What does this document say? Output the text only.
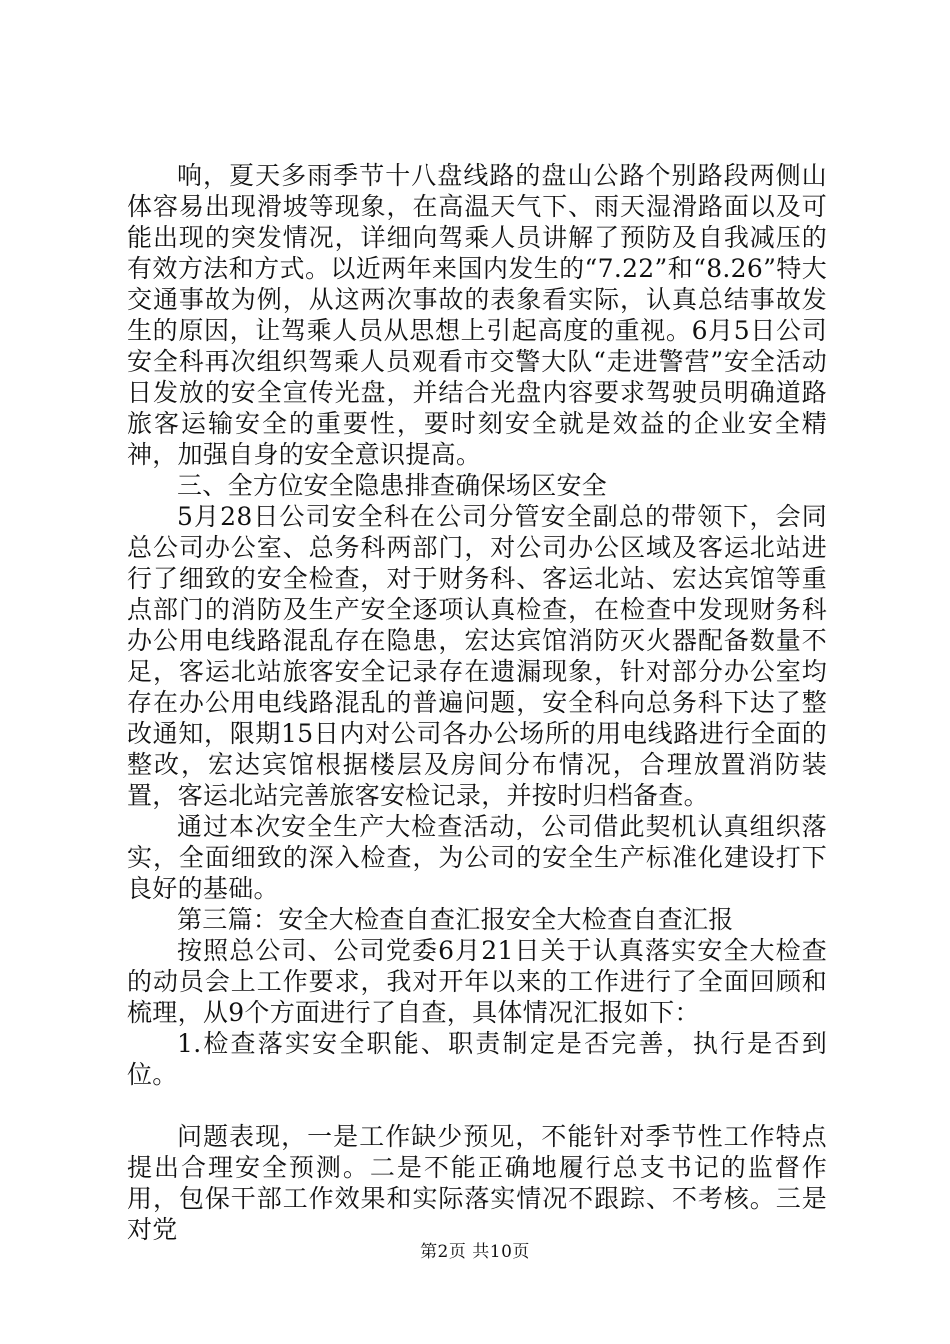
响，夏天多雨季节十八盘线路的盘山公路个别路段两侧山体容易出现滑坡等现象，在高温天气下、雨天湿滑路面以及可能出现的突发情况，详细向驾乘人员讲解了预防及自我减压的有效方法和方式。以近两年来国内发生的“7.22”和“8.26”特大交通事故为例，从这两次事故的表象看实际，认真总结事故发生的原因，让驾乘人员从思想上引起高度的重视。6月5日公司安全科再次组织驾乘人员观看市交警大队“走进警营”安全活动日发放的安全宣传光盘，并结合光盘内容要求驾驶员明确道路旅客运输安全的重要性，要时刻安全就是效益的企业安全精神，加强自身的安全意识提高。

三、全方位安全隐患排查确保场区安全

5月28日公司安全科在公司分管安全副总的带领下，会同总公司办公室、总务科两部门，对公司办公区域及客运北站进行了细致的安全检查，对于财务科、客运北站、宏达宾馆等重点部门的消防及生产安全逐项认真检查，在检查中发现财务科办公用电线路混乱存在隐患，宏达宾馆消防灭火器配备数量不足，客运北站旅客安全记录存在遗漏现象，针对部分办公室均存在办公用电线路混乱的普遍问题，安全科向总务科下达了整改通知，限期15日内对公司各办公场所的用电线路进行全面的整改，宏达宾馆根据楼层及房间分布情况，合理放置消防装置，客运北站完善旅客安检记录，并按时归档备查。

通过本次安全生产大检查活动，公司借此契机认真组织落实，全面细致的深入检查，为公司的安全生产标准化建设打下良好的基础。

第三篇：安全大检查自查汇报安全大检查自查汇报

按照总公司、公司党委6月21日关于认真落实安全大检查的动员会上工作要求，我对开年以来的工作进行了全面回顾和梳理，从9个方面进行了自查，具体情况汇报如下：

1.检查落实安全职能、职责制定是否完善，执行是否到位。

问题表现，一是工作缺少预见，不能针对季节性工作特点提出合理安全预测。二是不能正确地履行总支书记的监督作用，包保干部工作效果和实际落实情况不跟踪、不考核。三是对党

第2页 共10页
